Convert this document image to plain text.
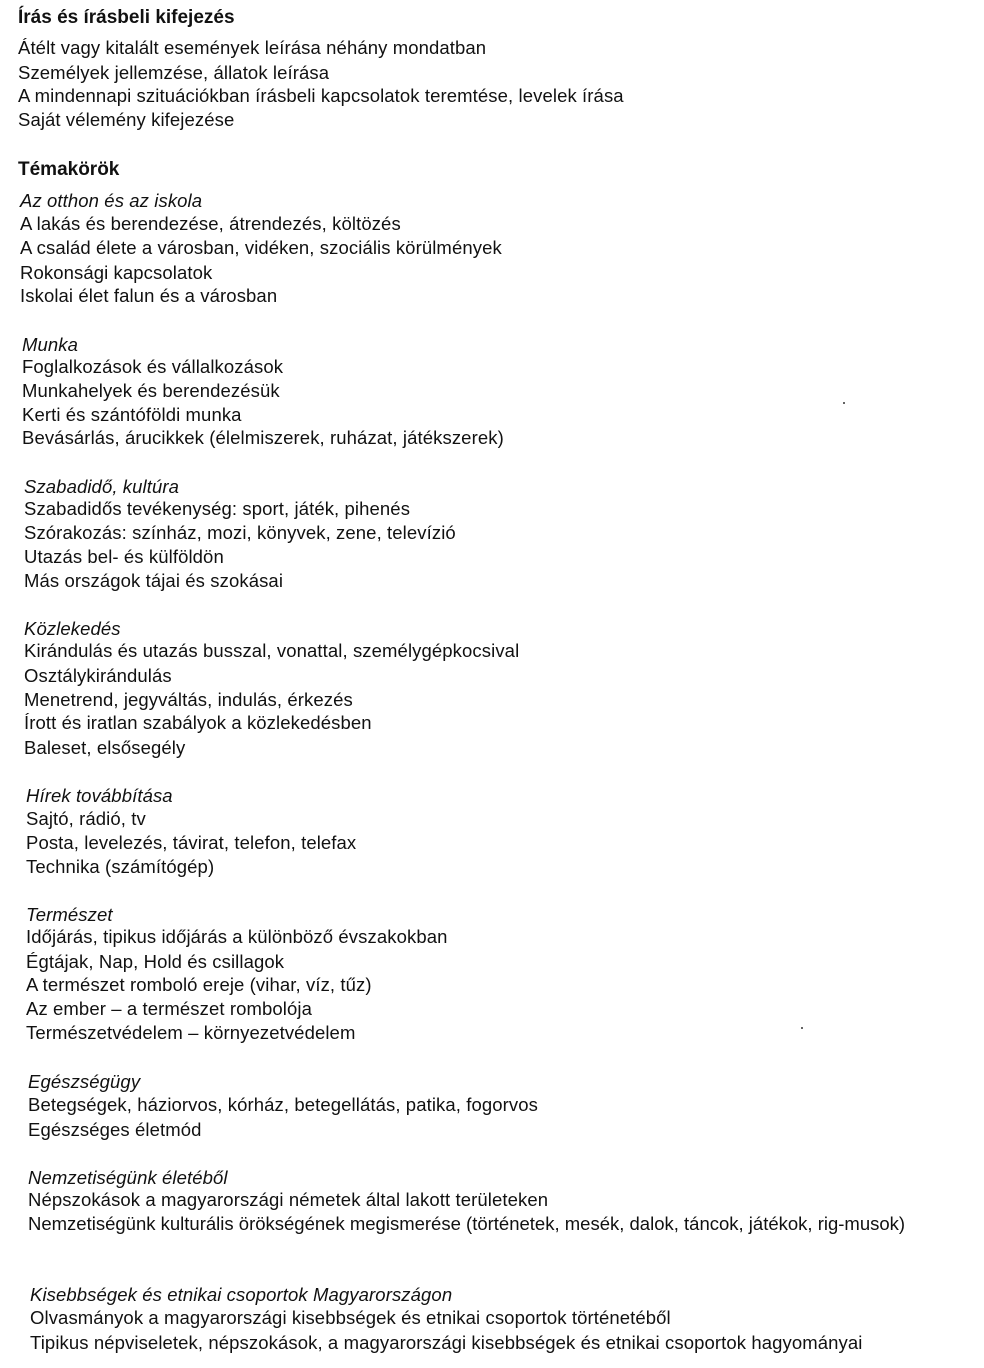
Írás és írásbeli kifejezés
Átélt vagy kitalált események leírása néhány mondatban
Személyek jellemzése, állatok leírása
A mindennapi szituációkban írásbeli kapcsolatok teremtése, levelek írása
Saját vélemény kifejezése
Témakörök
Az otthon és az iskola
A lakás és berendezése, átrendezés, költözés
A család élete a városban, vidéken, szociális körülmények
Rokonsági kapcsolatok
Iskolai élet falun és a városban
Munka
Foglalkozások és vállalkozások
Munkahelyek és berendezésük
Kerti és szántóföldi munka
Bevásárlás, árucikkek (élelmiszerek, ruházat, játékszerek)
Szabadidő, kultúra
Szabadidős tevékenység: sport, játék, pihenés
Szórakozás: színház, mozi, könyvek, zene, televízió
Utazás bel- és külföldön
Más országok tájai és szokásai
Közlekedés
Kirándulás és utazás busszal, vonattal, személygépkocsival
Osztálykirándulás
Menetrend, jegyváltás, indulás, érkezés
Írott és iratlan szabályok a közlekedésben
Baleset, elsősegély
Hírek továbbítása
Sajtó, rádió, tv
Posta, levelezés, távirat, telefon, telefax
Technika (számítógép)
Természet
Időjárás, tipikus időjárás a különböző évszakokban
Égtájak, Nap, Hold és csillagok
A természet romboló ereje (vihar, víz, tűz)
Az ember – a természet rombolója
Természetvédelem – környezetvédelem
Egészségügy
Betegségek, háziorvos, kórház, betegellátás, patika, fogorvos
Egészséges életmód
Nemzetiségünk életéből
Népszokások a magyarországi németek által lakott területeken
Nemzetiségünk kulturális örökségének megismerése (történetek, mesék, dalok, táncok, játékok, rig-musok)
Kisebbségek és etnikai csoportok Magyarországon
Olvasmányok a magyarországi kisebbségek és etnikai csoportok történetéből
Tipikus népviseletek, népszokások, a magyarországi kisebbségek és etnikai csoportok hagyományai
